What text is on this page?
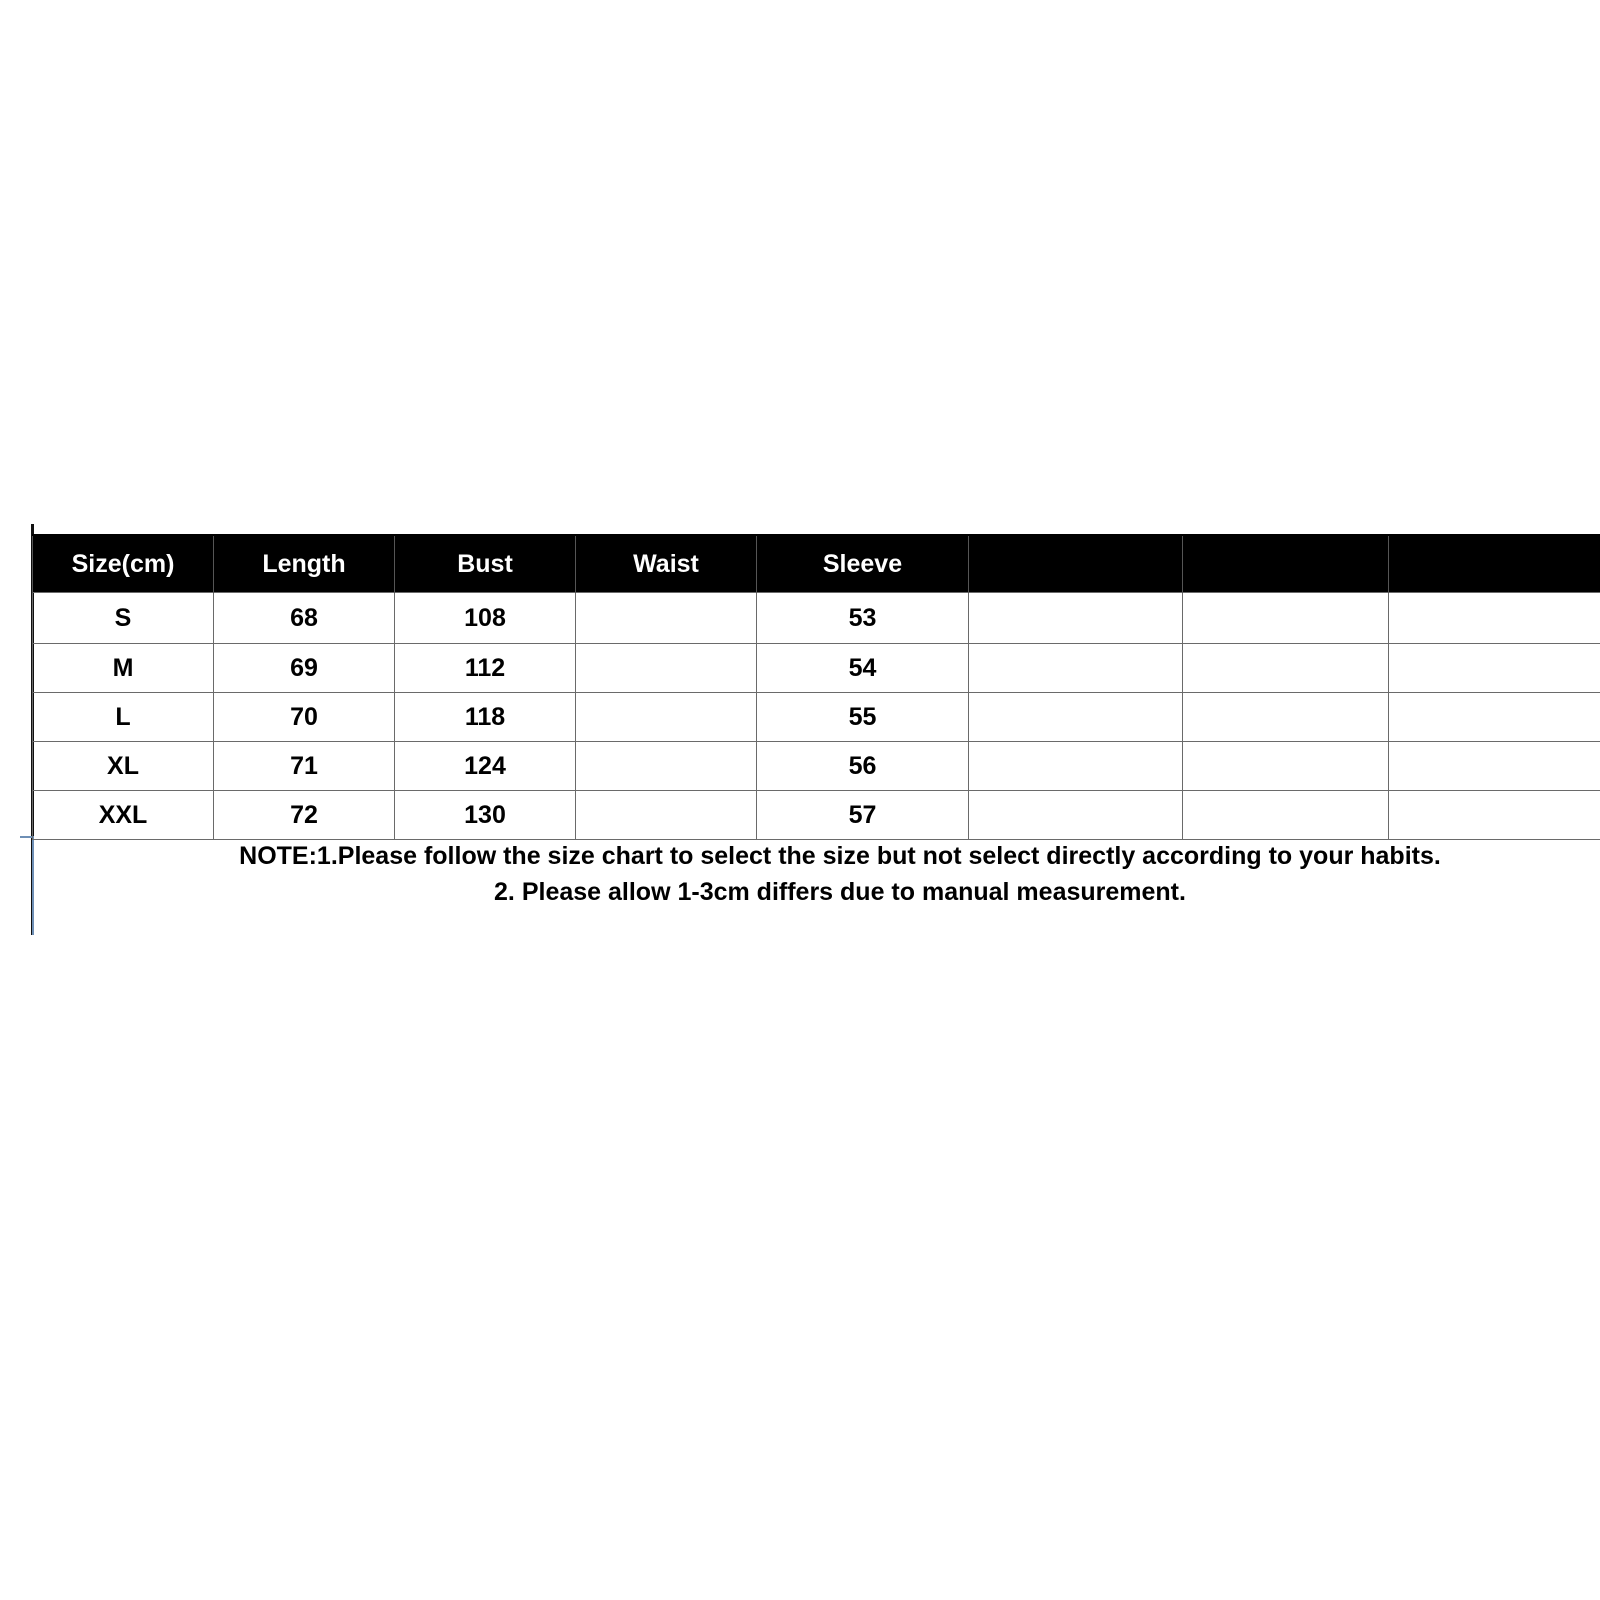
Size(cm)	Length	Bust	Waist	Sleeve			
S	68	108		53			
M	69	112		54			
L	70	118		55			
XL	71	124		56			
XXL	72	130		57			
NOTE:1.Please follow the size chart to select the size but not select directly according to your habits.
2. Please allow 1-3cm differs due to manual measurement.
